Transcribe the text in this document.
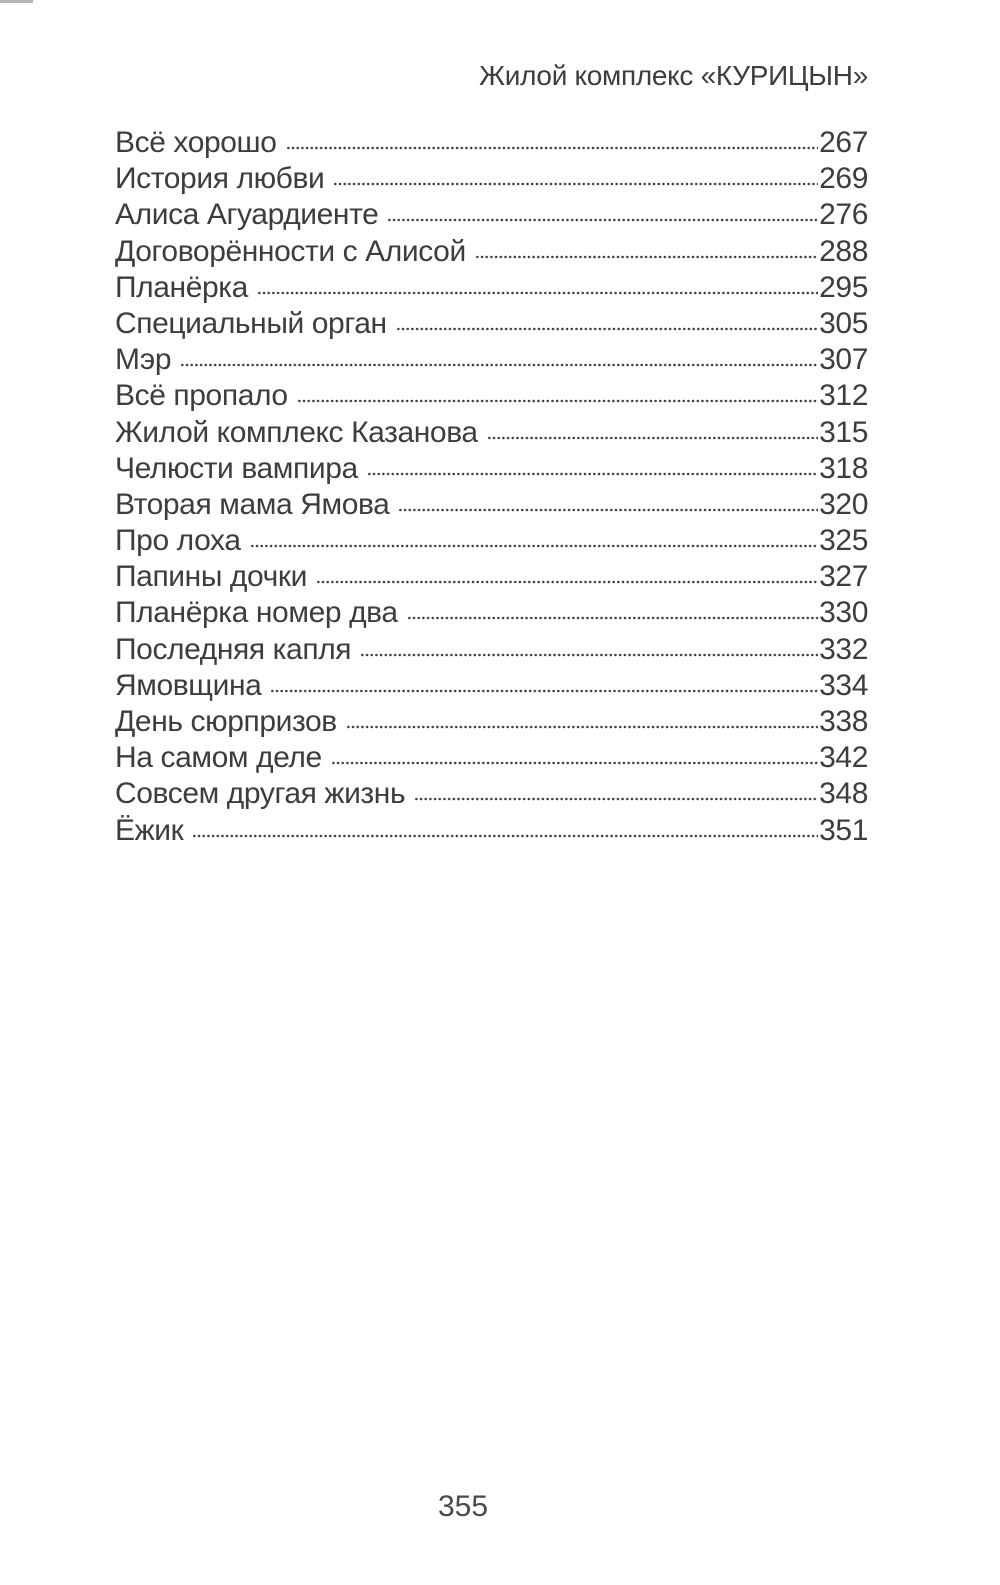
Жилой комплекс «КУРИЦЫН»
Всё хорошо	267
История любви	269
Алиса Агуардиенте	276
Договорённости с Алисой	288
Планёрка	295
Специальный орган	305
Мэр	307
Всё пропало	312
Жилой комплекс Казанова	315
Челюсти вампира	318
Вторая мама Ямова	320
Про лоха	325
Папины дочки	327
Планёрка номер два	330
Последняя капля	332
Ямовщина	334
День сюрпризов	338
На самом деле	342
Совсем другая жизнь	348
Ёжик	351
355
